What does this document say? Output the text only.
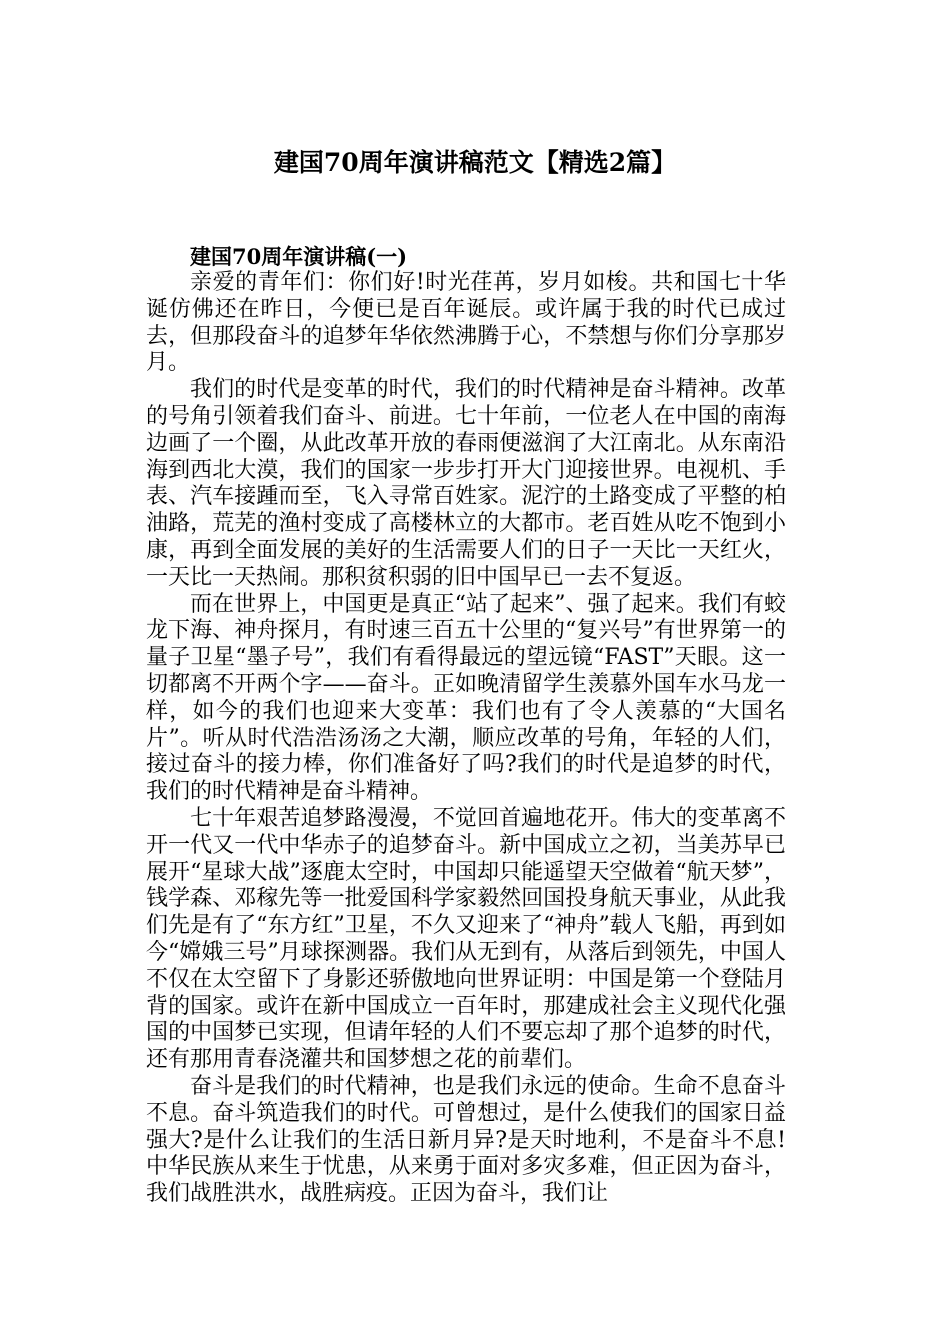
建国70周年演讲稿范文【精选2篇】
建国70周年演讲稿(一)

亲爱的青年们：你们好!时光荏苒，岁月如梭。共和国七十华诞仿佛还在昨日，今便已是百年诞辰。或许属于我的时代已成过去，但那段奋斗的追梦年华依然沸腾于心，不禁想与你们分享那岁月。

我们的时代是变革的时代，我们的时代精神是奋斗精神。改革的号角引领着我们奋斗、前进。七十年前，一位老人在中国的南海边画了一个圈，从此改革开放的春雨便滋润了大江南北。从东南沿海到西北大漠，我们的国家一步步打开大门迎接世界。电视机、手表、汽车接踵而至，飞入寻常百姓家。泥泞的土路变成了平整的柏油路，荒芜的渔村变成了高楼林立的大都市。老百姓从吃不饱到小康，再到全面发展的美好的生活需要人们的日子一天比一天红火，一天比一天热闹。那积贫积弱的旧中国早已一去不复返。

而在世界上，中国更是真正“站了起来”、强了起来。我们有蛟龙下海、神舟探月，有时速三百五十公里的“复兴号”有世界第一的量子卫星“墨子号”，我们有看得最远的望远镜“FAST”天眼。这一切都离不开两个字——奋斗。正如晚清留学生羡慕外国车水马龙一样，如今的我们也迎来大变革：我们也有了令人羡慕的“大国名片”。听从时代浩浩汤汤之大潮，顺应改革的号角，年轻的人们，接过奋斗的接力棒，你们准备好了吗?我们的时代是追梦的时代，我们的时代精神是奋斗精神。

七十年艰苦追梦路漫漫，不觉回首遍地花开。伟大的变革离不开一代又一代中华赤子的追梦奋斗。新中国成立之初，当美苏早已展开“星球大战”逐鹿太空时，中国却只能遥望天空做着“航天梦”，钱学森、邓稼先等一批爱国科学家毅然回国投身航天事业，从此我们先是有了“东方红”卫星，不久又迎来了“神舟”载人飞船，再到如今“嫦娥三号”月球探测器。我们从无到有，从落后到领先，中国人不仅在太空留下了身影还骄傲地向世界证明：中国是第一个登陆月背的国家。或许在新中国成立一百年时，那建成社会主义现代化强国的中国梦已实现，但请年轻的人们不要忘却了那个追梦的时代，还有那用青春浇灌共和国梦想之花的前辈们。

奋斗是我们的时代精神，也是我们永远的使命。生命不息奋斗不息。奋斗筑造我们的时代。可曾想过，是什么使我们的国家日益强大?是什么让我们的生活日新月异?是天时地利，不是奋斗不息!中华民族从来生于忧患，从来勇于面对多灾多难，但正因为奋斗，我们战胜洪水，战胜病疫。正因为奋斗，我们让
